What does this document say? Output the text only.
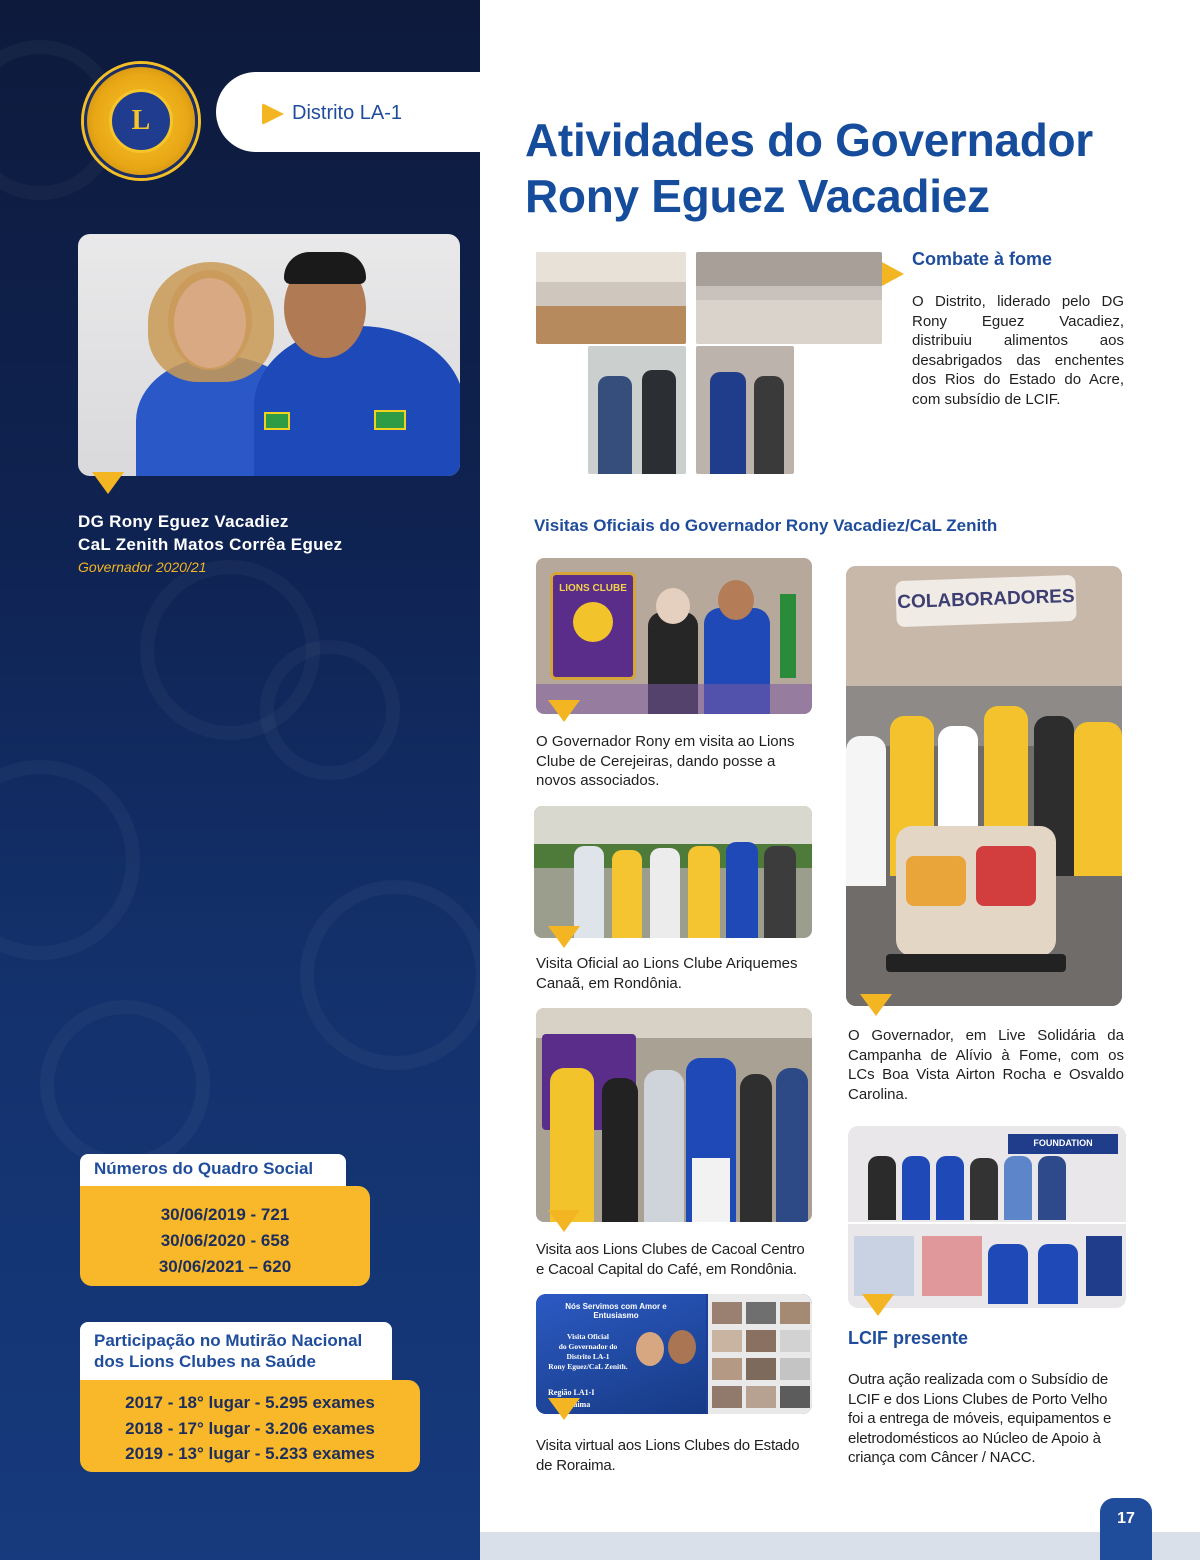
L	Distrito LA-1
DG Rony Eguez Vacadiez
CaL Zenith Matos Corrêa Eguez
Governador 2020/21
Números do Quadro Social
30/06/2019 - 721
30/06/2020 - 658
30/06/2021 – 620
Participação no Mutirão Nacional
dos Lions Clubes na Saúde
2017 - 18° lugar - 5.295 exames
2018 - 17° lugar - 3.206 exames
2019 - 13° lugar - 5.233 exames
Atividades do Governador
Rony Eguez Vacadiez
Combate à fome
O Distrito, liderado pelo DG Rony Eguez Vacadiez, distribuiu alimentos aos desabrigados das enchentes dos Rios do Estado do Acre, com subsídio de LCIF.
Visitas Oficiais do Governador Rony Vacadiez/CaL Zenith
LIONS CLUBE
O Governador Rony em visita ao Lions Clube de Cerejeiras, dando posse a novos associados.
Visita Oficial ao Lions Clube Ariquemes Canaã, em Rondônia.
Visita aos Lions Clubes de Cacoal Centro e Cacoal Capital do Café, em Rondônia.
Nós Servimos com Amor e Entusiasmo
Visita Oficial
do Governador do
Distrito LA-1
Rony Eguez/CaL Zenith.
Região LA1-I
Roraima
Visita virtual aos Lions Clubes do Estado de Roraima.
COLABORADORES
O Governador, em Live Solidária da Campanha de Alívio à Fome, com os LCs Boa Vista Airton Rocha e Osvaldo Carolina.
FOUNDATION
LCIF presente
Outra ação realizada com o Subsídio de LCIF e dos Lions Clubes de Porto Velho foi a entrega de móveis, equipamentos e eletrodomésticos ao Núcleo de Apoio à criança com Câncer / NACC.
17
